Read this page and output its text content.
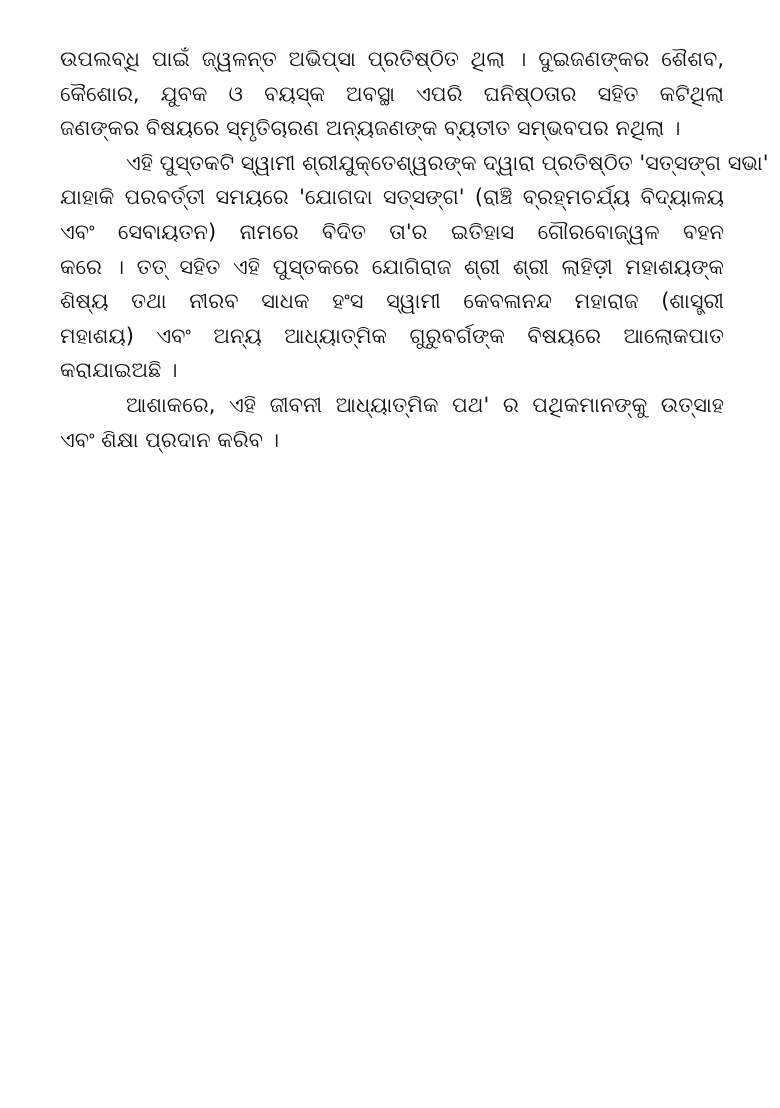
ଉପଲବ୍ଧି ପାଇଁ ଜ୍ୱଳନ୍ତ ଅଭିପ୍ସା ପ୍ରତିଷ୍ଠିତ ଥିଲା । ଦୁଇଜଣଙ୍କର ଶୈଶବ,
କୈଶୋର, ଯୁବକ ଓ ବୟସ୍କ ଅବସ୍ଥା ଏପରି ଘନିଷ୍ଠତାର ସହିତ କଟିଥିଲା
ଜଣଙ୍କର ବିଷୟରେ ସ୍ମୃତିଚାରଣ ଅନ୍ୟଜଣଙ୍କ ବ୍ୟତୀତ ସମ୍ଭବପର ନଥିଲା ।

ଏହି ପୁସ୍ତକଟି ସ୍ୱାମୀ ଶ୍ରୀଯୁକ୍ତେଶ୍ୱରଙ୍କ ଦ୍ୱାରା ପ୍ରତିଷ୍ଠିତ 'ସତ୍ସଙ୍ଗ ସଭା'
ଯାହାକି ପରବର୍ତ୍ତୀ ସମୟରେ 'ଯୋଗଦା ସତ୍ସଙ୍ଗ' (ରାଞ୍ଚି ବ୍ରହ୍ମଚର୍ଯ୍ୟ ବିଦ୍ୟାଳୟ
ଏବଂ ସେବାୟତନ) ନାମରେ ବିଦିତ ତା'ର ଇତିହାସ ଗୌରବୋଜ୍ୱଳ ବହନ
କରେ । ତତ୍ ସହିତ ଏହି ପୁସ୍ତକରେ ଯୋଗିରାଜ ଶ୍ରୀ ଶ୍ରୀ ଲାହିଡ଼ୀ ମହାଶୟଙ୍କ
ଶିଷ୍ୟ ତଥା ନୀରବ ସାଧକ ହଂସ ସ୍ୱାମୀ କେବଳାନନ୍ଦ ମହାରାଜ (ଶାସ୍ତ୍ରୀ
ମହାଶୟ) ଏବଂ ଅନ୍ୟ ଆଧ୍ୟାତ୍ମିକ ଗୁରୁବର୍ଗଙ୍କ ବିଷୟରେ ଆଲୋକପାତ
କରାଯାଇଅଛି ।

ଆଶାକରେ, ଏହି ଜୀବନୀ ଆଧ୍ୟାତ୍ମିକ ପଥ' ର ପଥିକମାନଙ୍କୁ ଉତ୍ସାହ
ଏବଂ ଶିକ୍ଷା ପ୍ରଦାନ କରିବ ।
